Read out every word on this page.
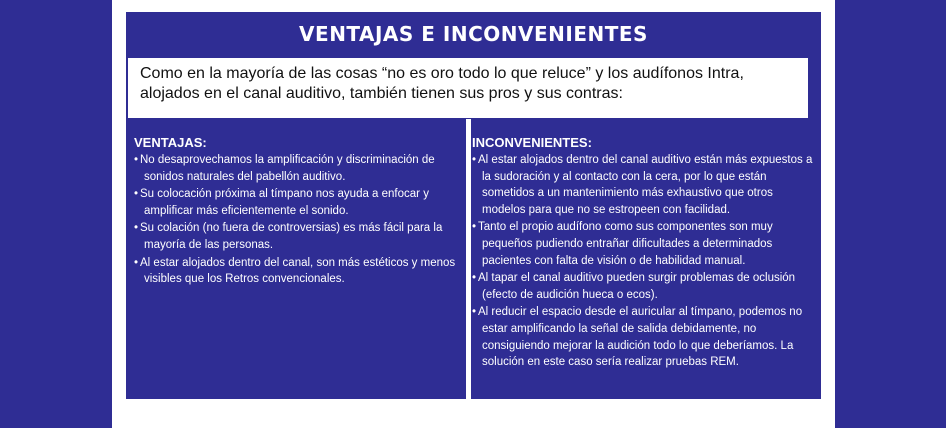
VENTAJAS E INCONVENIENTES
Como en la mayoría de las cosas “no es oro todo lo que reluce” y los audífonos Intra,
alojados en el canal auditivo, también tienen sus pros y sus contras:
VENTAJAS:
• No desaprovechamos la amplificación y discriminación de sonidos naturales del pabellón auditivo.
• Su colocación próxima al tímpano nos ayuda a enfocar y amplificar más eficientemente el sonido.
• Su colación (no fuera de controversias) es más fácil para la mayoría de las personas.
• Al estar alojados dentro del canal, son más estéticos y menos visibles que los Retros convencionales.
INCONVENIENTES:
• Al estar alojados dentro del canal auditivo están más expuestos a la sudoración y al contacto con la cera, por lo que están sometidos a un mantenimiento más exhaustivo que otros modelos para que no se estropeen con facilidad.
• Tanto el propio audífono como sus componentes son muy pequeños pudiendo entrañar dificultades a determinados pacientes con falta de visión o de habilidad manual.
• Al tapar el canal auditivo pueden surgir problemas de oclusión (efecto de audición hueca o ecos).
• Al reducir el espacio desde el auricular al tímpano, podemos no estar amplificando la señal de salida debidamente, no consiguiendo mejorar la audición todo lo que deberíamos. La solución en este caso sería realizar pruebas REM.
